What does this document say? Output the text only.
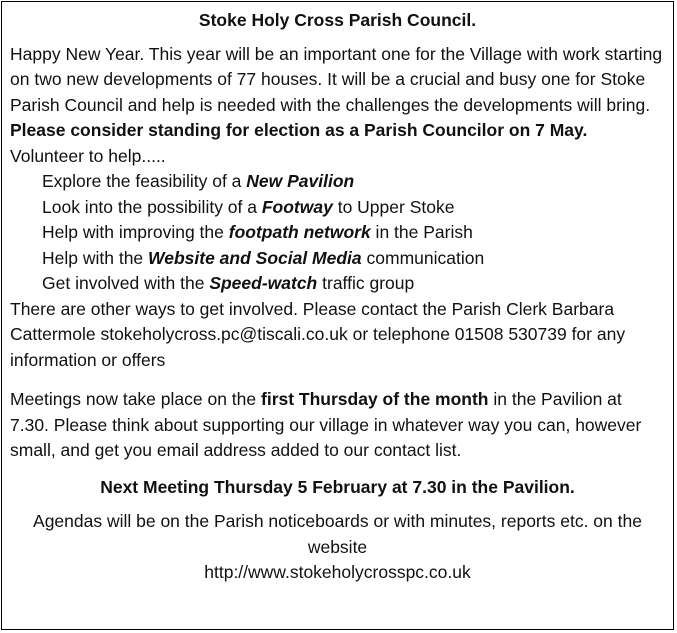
Stoke Holy Cross Parish Council.

Happy New Year. This year will be an important one for the Village with work starting on two new developments of 77 houses. It will be a crucial and busy one for Stoke Parish Council and help is needed with the challenges the developments will bring.

Please consider standing for election as a Parish Councilor on 7 May.

Volunteer to help.....

Explore the feasibility of a New Pavilion
Look into the possibility of a Footway to Upper Stoke
Help with improving the footpath network in the Parish
Help with the Website and Social Media communication
Get involved with the Speed-watch traffic group

There are other ways to get involved. Please contact the Parish Clerk Barbara Cattermole stokeholycross.pc@tiscali.co.uk or telephone 01508 530739 for any information or offers

Meetings now take place on the first Thursday of the month in the Pavilion at 7.30. Please think about supporting our village in whatever way you can, however small, and get you email address added to our contact list.

Next Meeting Thursday 5 February at 7.30 in the Pavilion.

Agendas will be on the Parish noticeboards or with minutes, reports etc. on the website

http://www.stokeholycrosspc.co.uk
